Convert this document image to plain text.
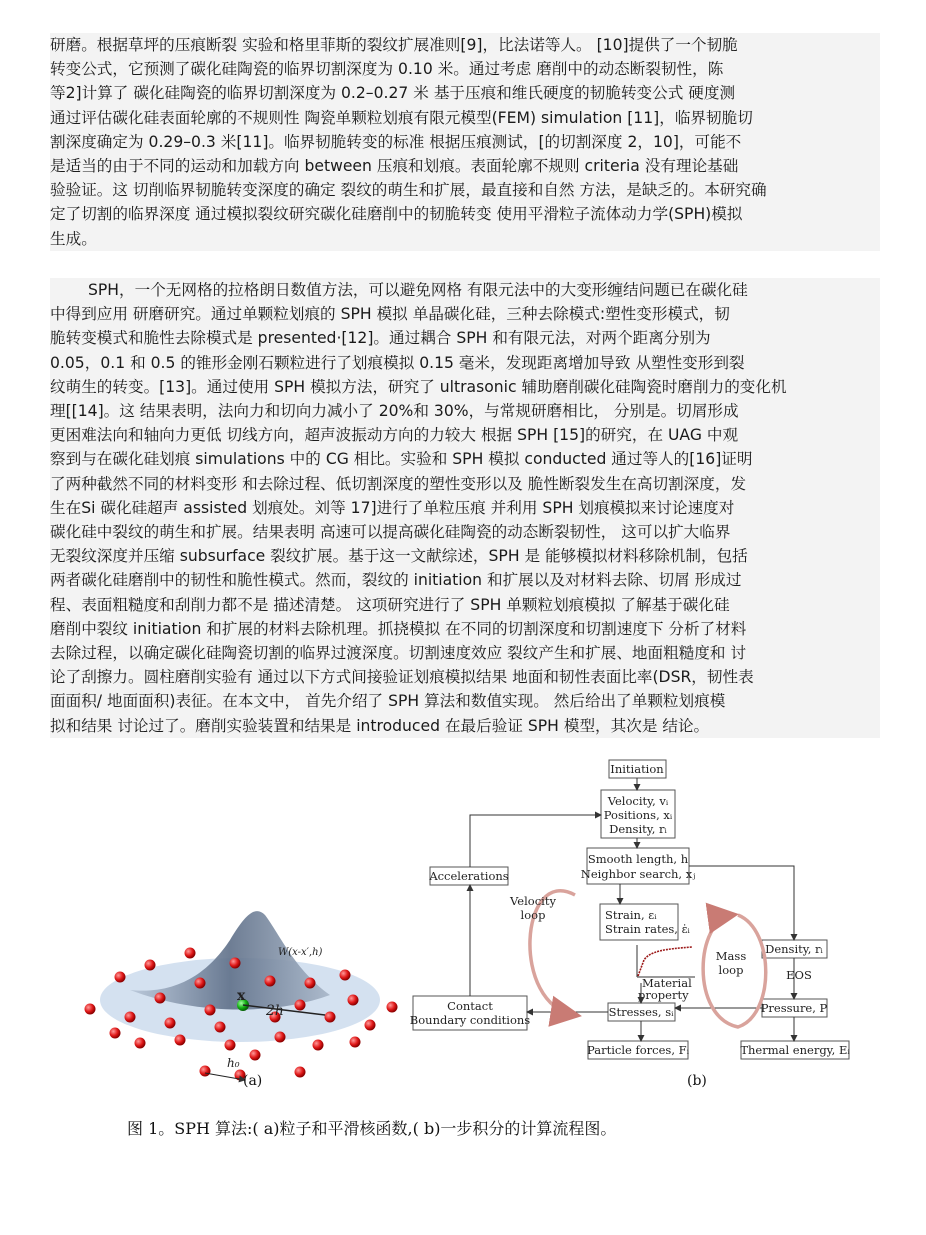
研磨。根据草坪的压痕断裂 实验和格里菲斯的裂纹扩展准则[9]，比法诺等人。 [10]提供了一个韧脆
转变公式，它预测了碳化硅陶瓷的临界切割深度为 0.10 米。通过考虑 磨削中的动态断裂韧性，陈
等2]计算了 碳化硅陶瓷的临界切割深度为 0.2–0.27 米 基于压痕和维氏硬度的韧脆转变公式 硬度测
通过评估碳化硅表面轮廓的不规则性 陶瓷单颗粒划痕有限元模型(FEM) simulation [11]，临界韧脆切
割深度确定为 0.29–0.3 米[11]。临界韧脆转变的标准 根据压痕测试，[的切割深度 2，10]，可能不
是适当的由于不同的运动和加载方向 between 压痕和划痕。表面轮廓不规则 criteria 没有理论基础
验验证。这 切削临界韧脆转变深度的确定 裂纹的萌生和扩展，最直接和自然 方法，是缺乏的。本研究确
定了切割的临界深度 通过模拟裂纹研究碳化硅磨削中的韧脆转变 使用平滑粒子流体动力学(SPH)模拟
生成。
SPH，一个无网格的拉格朗日数值方法，可以避免网格 有限元法中的大变形缠结问题已在碳化硅
中得到应用 研磨研究。通过单颗粒划痕的 SPH 模拟 单晶碳化硅，三种去除模式:塑性变形模式，韧
脆转变模式和脆性去除模式是 presented·[12]。通过耦合 SPH 和有限元法，对两个距离分别为
0.05，0.1 和 0.5 的锥形金刚石颗粒进行了划痕模拟 0.15 毫米，发现距离增加导致 从塑性变形到裂
纹萌生的转变。[13]。通过使用 SPH 模拟方法，研究了 ultrasonic 辅助磨削碳化硅陶瓷时磨削力的变化机
理[[14]。这 结果表明，法向力和切向力减小了 20%和 30%，与常规研磨相比， 分别是。切屑形成
更困难法向和轴向力更低 切线方向，超声波振动方向的力较大 根据 SPH [15]的研究，在 UAG 中观
察到与在碳化硅划痕 simulations 中的 CG 相比。实验和 SPH 模拟 conducted 通过等人的[16]证明
了两种截然不同的材料变形 和去除过程、低切割深度的塑性变形以及 脆性断裂发生在高切割深度，发
生在Si 碳化硅超声 assisted 划痕处。刘等 17]进行了单粒压痕 并利用 SPH 划痕模拟来讨论速度对
碳化硅中裂纹的萌生和扩展。结果表明 高速可以提高碳化硅陶瓷的动态断裂韧性， 这可以扩大临界
无裂纹深度并压缩 subsurface 裂纹扩展。基于这一文献综述，SPH 是 能够模拟材料移除机制，包括
两者碳化硅磨削中的韧性和脆性模式。然而，裂纹的 initiation 和扩展以及对材料去除、切屑 形成过
程、表面粗糙度和刮削力都不是 描述清楚。 这项研究进行了 SPH 单颗粒划痕模拟 了解基于碳化硅
磨削中裂纹 initiation 和扩展的材料去除机理。抓挠模拟 在不同的切割深度和切割速度下 分析了材料
去除过程，以确定碳化硅陶瓷切割的临界过渡深度。切割速度效应 裂纹产生和扩展、地面粗糙度和 讨
论了刮擦力。圆柱磨削实验有 通过以下方式间接验证划痕模拟结果 地面和韧性表面比率(DSR，韧性表
面面积/ 地面面积)表征。在本文中， 首先介绍了 SPH 算法和数值实现。 然后给出了单颗粒划痕模
拟和结果 讨论过了。磨削实验装置和结果是 introduced 在最后验证 SPH 模型，其次是 结论。
x
2h
W(x-x′,h)
h₀
(a)
Initiation
Velocity, vᵢ
Positions, xᵢ
Density, rᵢ
Smooth length, h
Neighbor search, xⱼ
Accelerations
Strain, εᵢ
Strain rates, ε̇ᵢ
Material
property
Stresses, sᵢ
Contact
Boundary conditions
Particle forces, Fᵢ
Density, rᵢ
EOS
Pressure, P
Thermal energy, Eᵢ
Velocity
loop
Mass
loop
(b)
图 1。SPH 算法:( a)粒子和平滑核函数,( b)一步积分的计算流程图。
